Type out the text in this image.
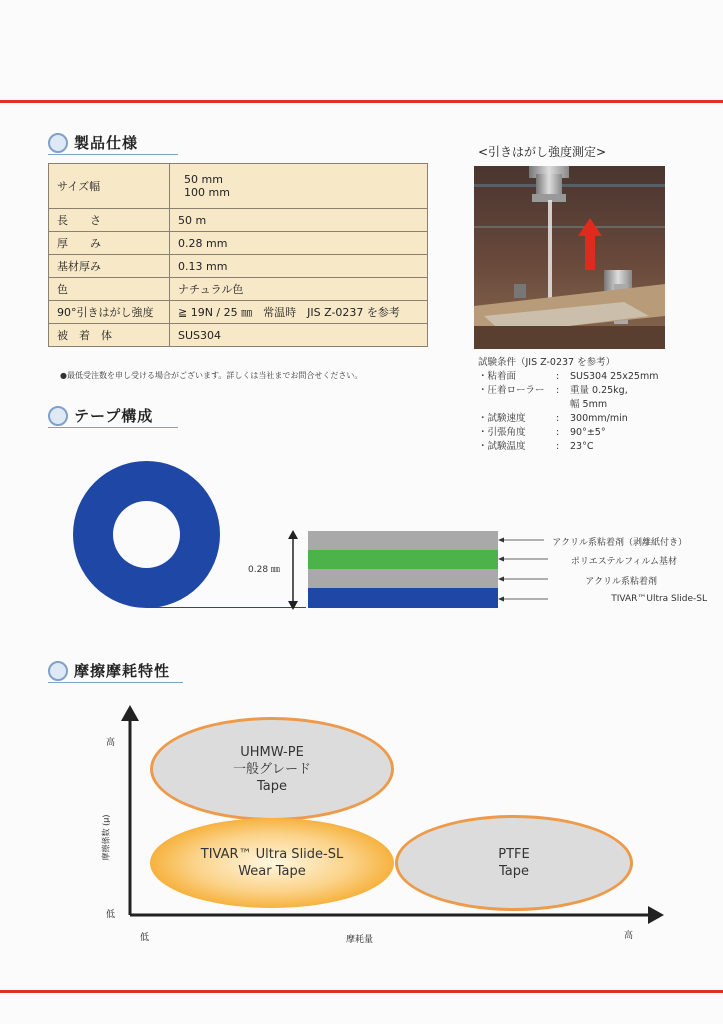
製品仕様
サイズ幅	50 mm
100 mm

長　　さ	50 m
厚　　み	0.28 mm
基材厚み	0.13 mm
色	ナチュラル色
90°引きはがし強度	≧ 19N / 25 ㎜　常温時　JIS Z-0237 を参考
被　着　体	SUS304
●最低受注数を申し受ける場合がございます。詳しくは当社までお問合せください。
<引きはがし強度測定>
試験条件（JIS Z-0237 を参考）
・粘着面	:	SUS304 25x25mm
・圧着ローラー	:	重量 0.25kg,
幅 5mm
・試験速度	:	300mm/min
・引張角度	:	90°±5°
・試験温度	:	23°C
テープ構成
0.28 ㎜
アクリル系粘着剤（剥離紙付き）
ポリエステルフィルム基材
アクリル系粘着剤
TIVAR™Ultra Slide-SL
摩擦摩耗特性
高
低
摩擦係数 (μ)
低	摩耗量	高
UHMW-PE
一般グレード
Tape
TIVAR™ Ultra Slide-SL
Wear Tape
PTFE
Tape
